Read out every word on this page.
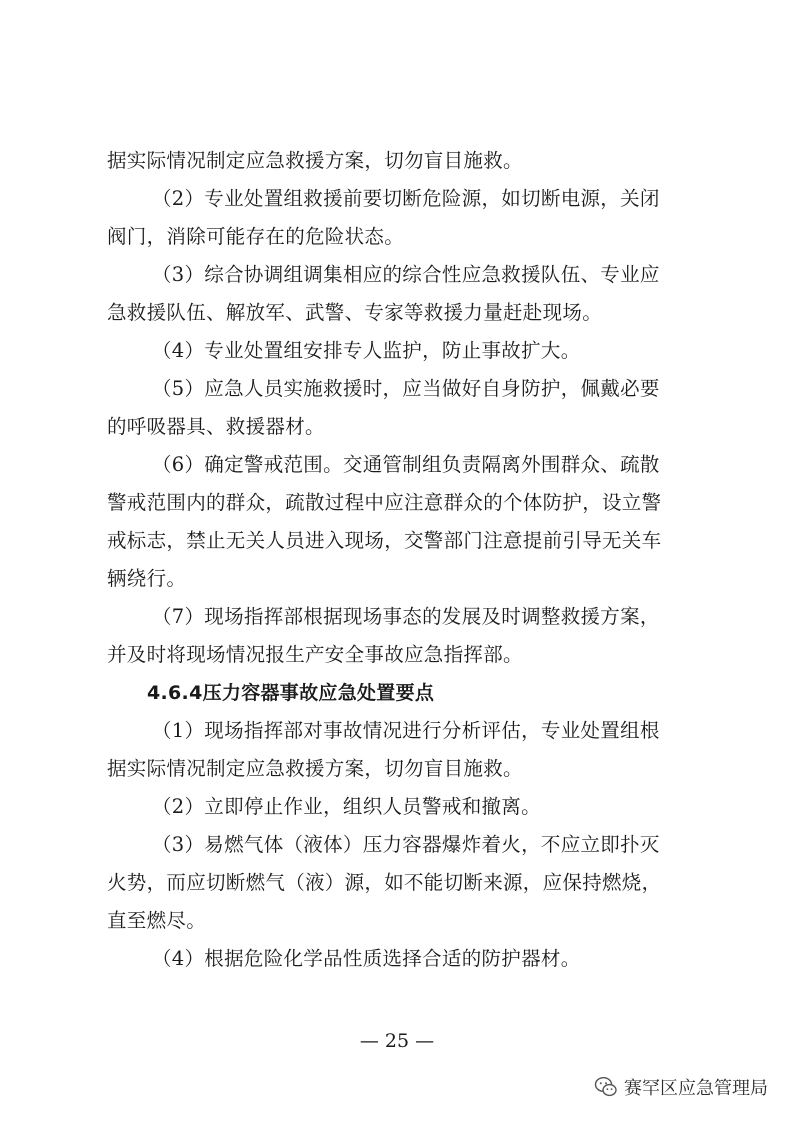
据实际情况制定应急救援方案，切勿盲目施救。
（2）专业处置组救援前要切断危险源，如切断电源，关闭
阀门，消除可能存在的危险状态。
（3）综合协调组调集相应的综合性应急救援队伍、专业应
急救援队伍、解放军、武警、专家等救援力量赶赴现场。
（4）专业处置组安排专人监护，防止事故扩大。
（5）应急人员实施救援时，应当做好自身防护，佩戴必要
的呼吸器具、救援器材。
（6）确定警戒范围。交通管制组负责隔离外围群众、疏散
警戒范围内的群众，疏散过程中应注意群众的个体防护，设立警
戒标志，禁止无关人员进入现场，交警部门注意提前引导无关车
辆绕行。
（7）现场指挥部根据现场事态的发展及时调整救援方案，
并及时将现场情况报生产安全事故应急指挥部。
4.6.4压力容器事故应急处置要点
（1）现场指挥部对事故情况进行分析评估，专业处置组根
据实际情况制定应急救援方案，切勿盲目施救。
（2）立即停止作业，组织人员警戒和撤离。
（3）易燃气体（液体）压力容器爆炸着火，不应立即扑灭
火势，而应切断燃气（液）源，如不能切断来源，应保持燃烧，
直至燃尽。
（4）根据危险化学品性质选择合适的防护器材。
— 25 —
赛罕区应急管理局
